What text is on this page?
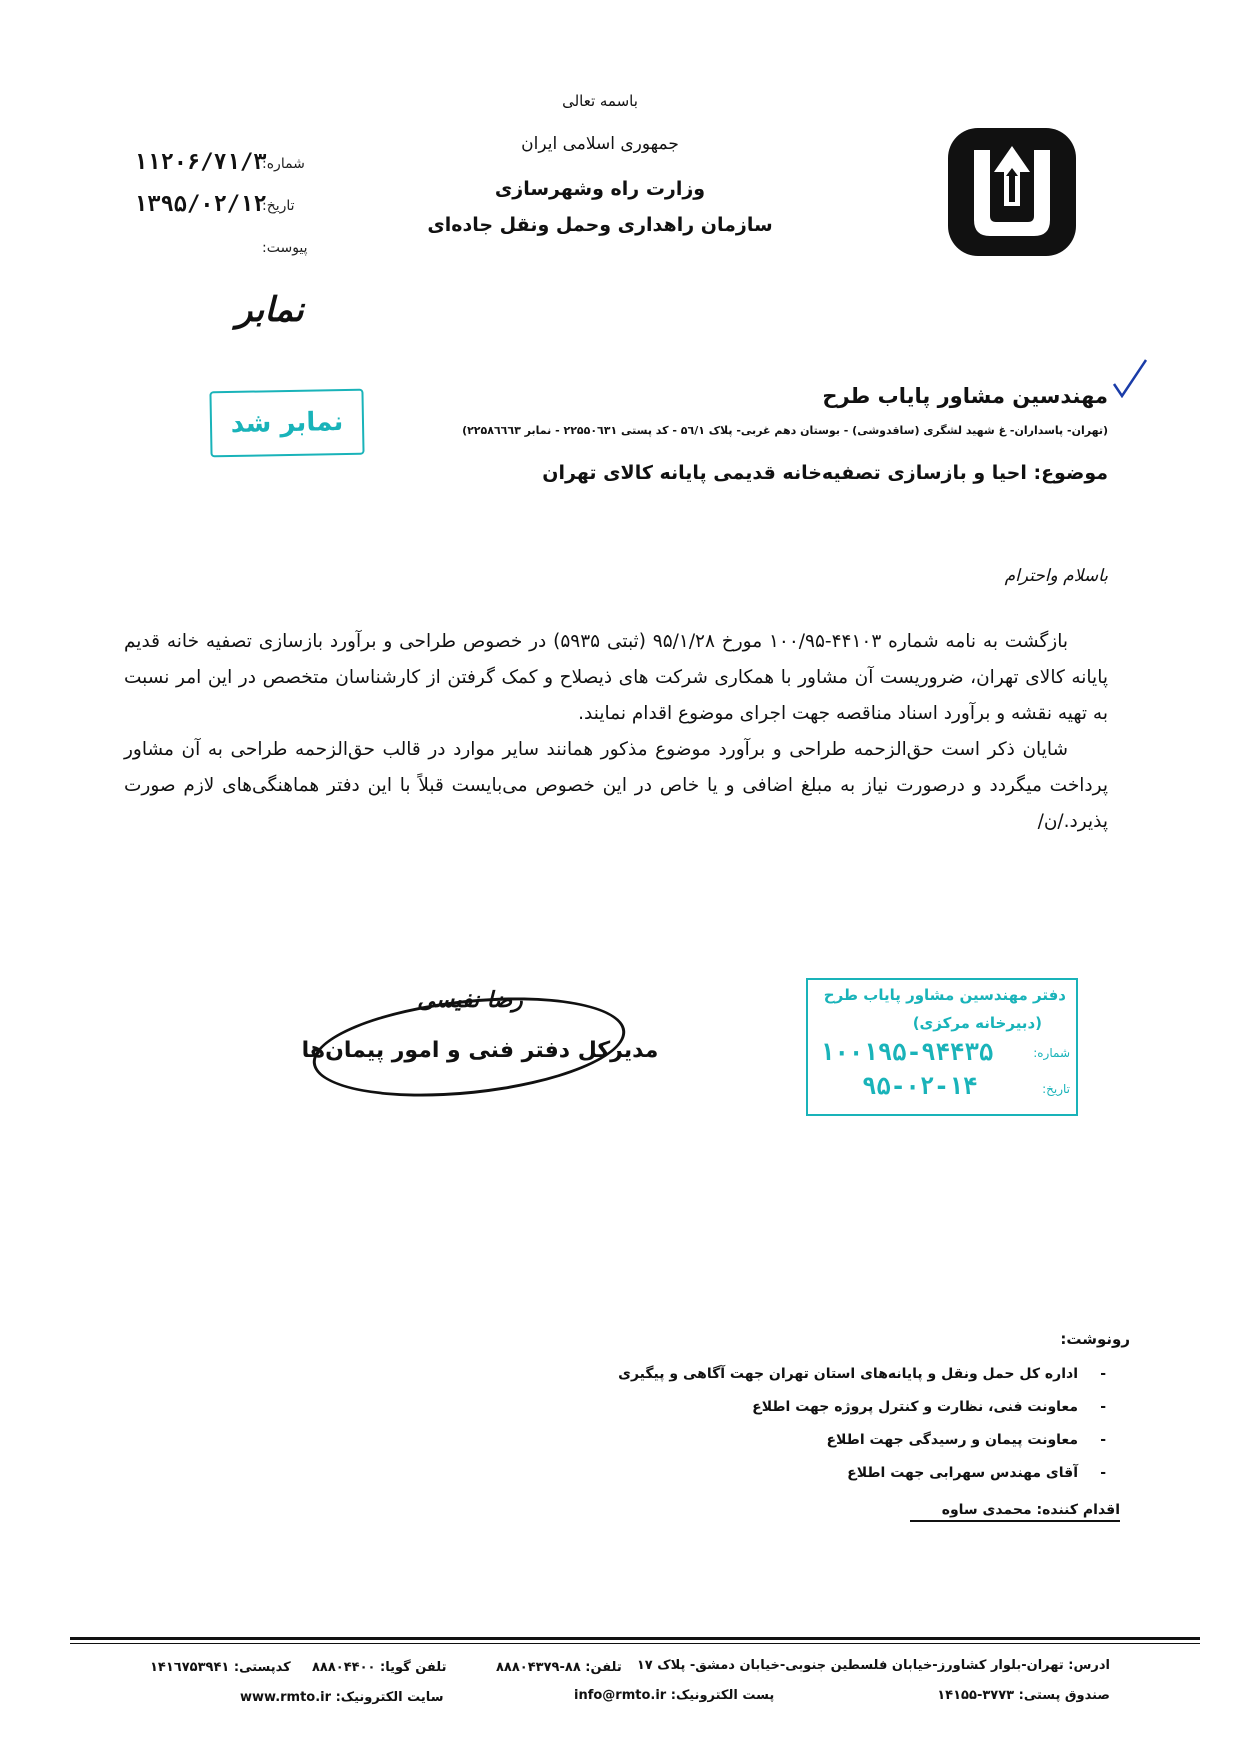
باسمه تعالی
جمهوری اسلامی ایران
وزارت راه وشهرسازی
سازمان راهداری وحمل ونقل جاده‌ای
شماره:
۱۱۲۰۶/۷۱/۳
تاریخ:
۱۳۹۵/۰۲/۱۲
پیوست:
نمابر
نمابر شد
مهندسین مشاور پایاب طرح
(تهران- پاسداران- غ شهید لشگری (ساقدوشی) - بوستان دهم غربی- پلاک ۵٦/۱ - کد پستی ۲۲۵۵۰٦۳۱ - نمابر ۲۲۵۸٦٦٦۳)
موضوع: احیا و بازسازی تصفیه‌خانه قدیمی پایانه کالای تهران
باسلام واحترام

بازگشت به نامه شماره ۴۴۱۰۳-۱۰۰/۹۵ مورخ ۹۵/۱/۲۸ (ثبتی ۵۹۳۵) در خصوص طراحی و برآورد بازسازی تصفیه خانه قدیم پایانه کالای تهران، ضروریست آن مشاور با همکاری شرکت های ذیصلاح و کمک گرفتن از کارشناسان متخصص در این امر نسبت به تهیه نقشه و برآورد اسناد مناقصه جهت اجرای موضوع اقدام نمایند.

شایان ذکر است حق‌الزحمه طراحی و برآورد موضوع مذکور همانند سایر موارد در قالب حق‌الزحمه طراحی به آن مشاور پرداخت میگردد و درصورت نیاز به مبلغ اضافی و یا خاص در این خصوص می‌بایست قبلاً با این دفتر هماهنگی‌های لازم صورت پذیرد./ن/

رضا نفیسی
مدیرکل دفتر فنی و امور پیمان‌ها
دفتر مهندسین مشاور پایاب طرح
(دبیرخانه مرکزی)
شماره:
۱۰۰۱۹۵-۹۴۴۳۵
تاریخ:
۹۵-۰۲-۱۴
رونوشت:
-
اداره کل حمل ونقل و پایانه‌های استان تهران جهت آگاهی و پیگیری
-
معاونت فنی، نظارت و کنترل پروژه جهت اطلاع
-
معاونت پیمان و رسیدگی جهت اطلاع
-
آقای مهندس سهرابی جهت اطلاع
اقدام کننده: محمدی ساوه
ادرس: تهران-بلوار کشاورز-خیابان فلسطین جنوبی-خیابان دمشق- پلاک ۱۷
تلفن: ۸۸-۸۸۸۰۴۳۷۹
تلفن گویا: ۸۸۸۰۴۴۰۰
کدپستی: ۱۴۱٦۷۵۳۹۴۱
صندوق پستی: ۳۷۷۳-۱۴۱۵۵
پست الکترونیک: info@rmto.ir
سایت الکترونیک: www.rmto.ir
